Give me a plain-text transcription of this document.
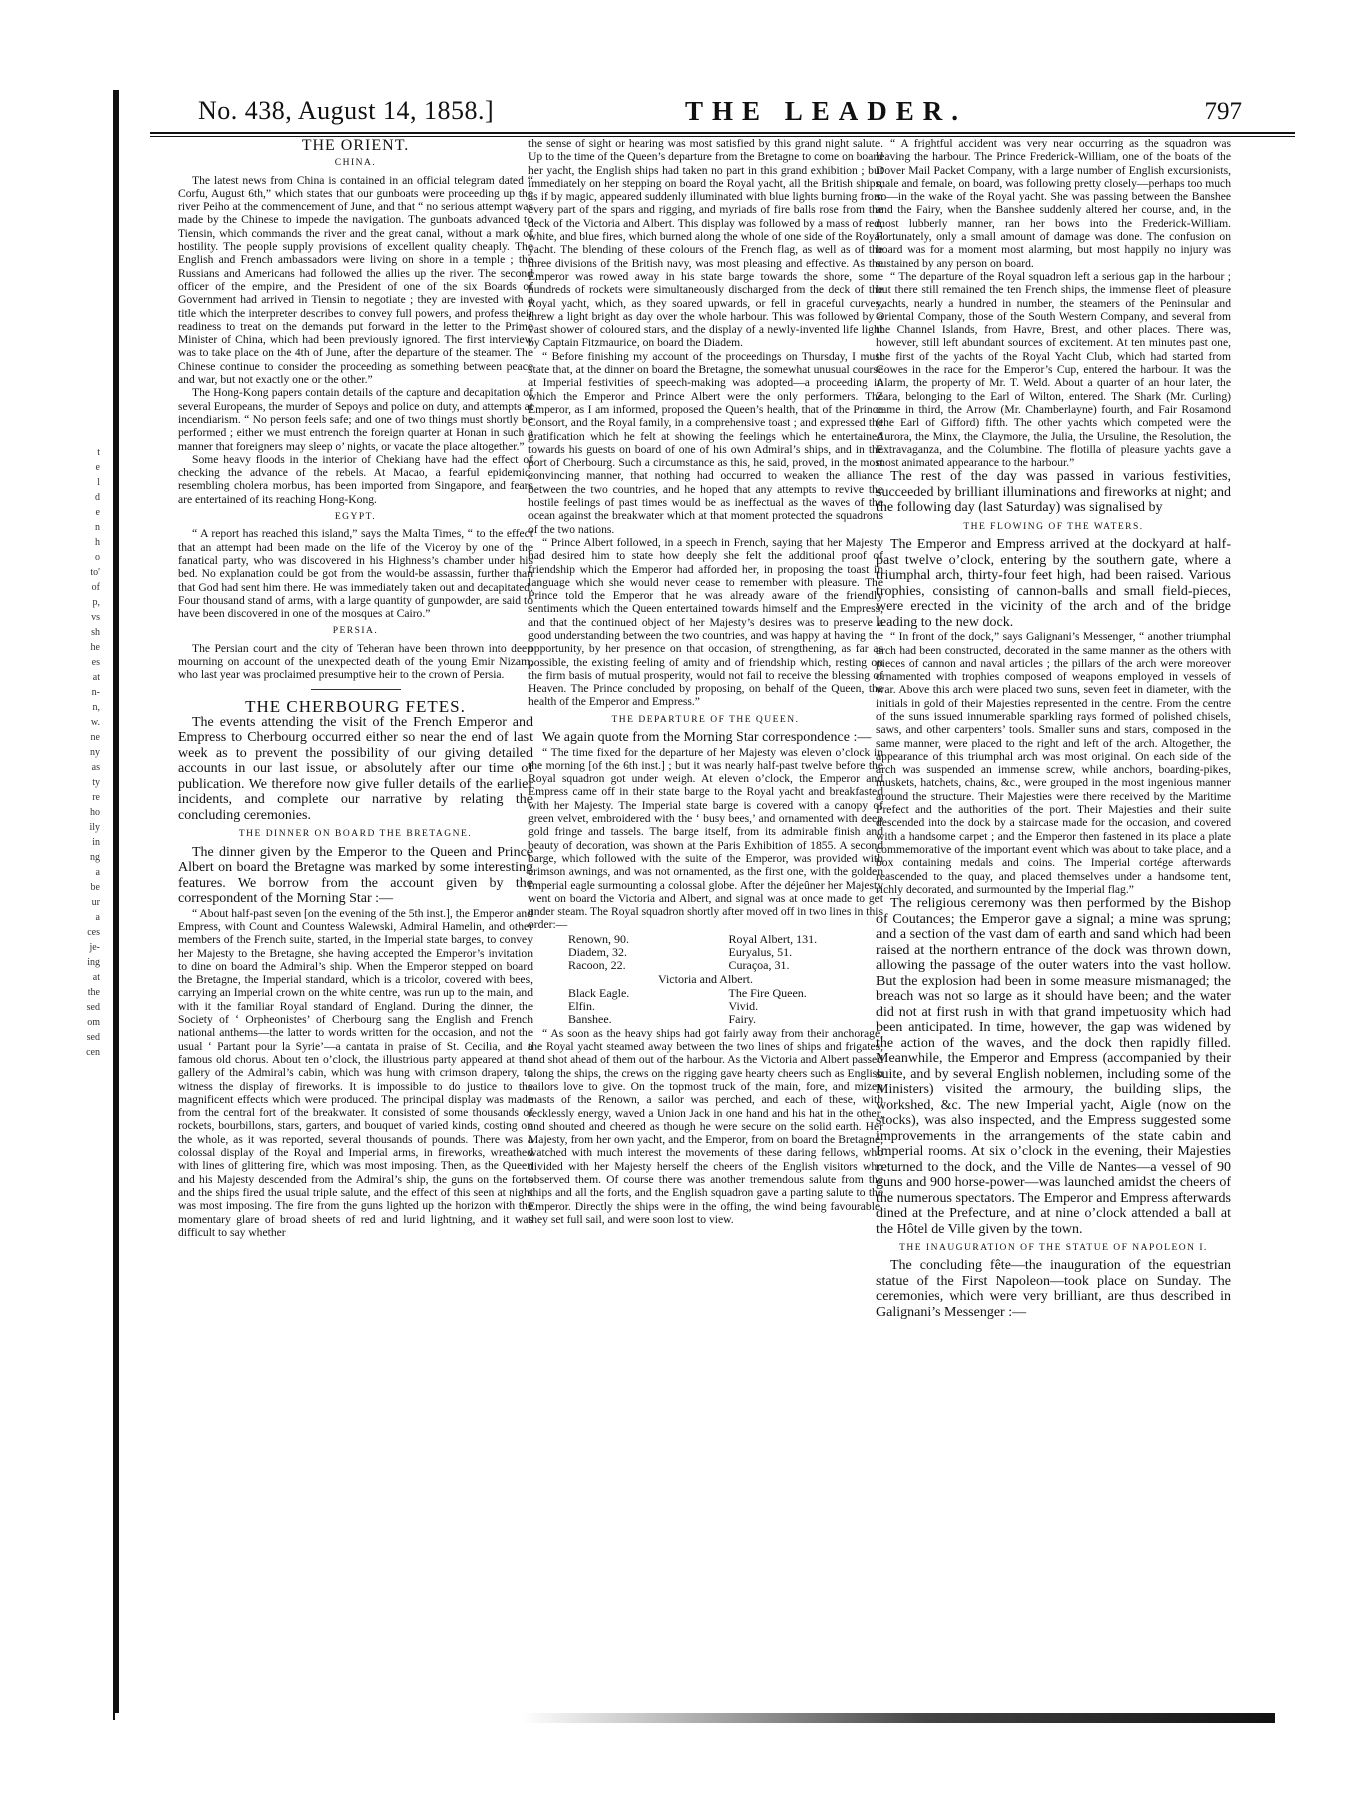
t
e
l
d
e
n
h
o
to'
of
p,
vs
sh
he
es
at
n-
n,
w.
ne
ny
as
ty
re
ho
ily
in
ng
a
be
ur
a
ces
je-
ing
at
the
sed
om
sed
cen
No. 438, August 14, 1858.]	THE LEADER.	797
THE ORIENT.
CHINA.

The latest news from China is contained in an official telegram dated “ Corfu, August 6th,” which states that our gunboats were proceeding up the river Peiho at the commencement of June, and that “ no serious attempt was made by the Chinese to impede the navigation. The gunboats advanced to Tiensin, which commands the river and the great canal, without a mark of hostility. The people supply provisions of excellent quality cheaply. The English and French ambassadors were living on shore in a temple ; the Russians and Americans had followed the allies up the river. The second officer of the empire, and the President of one of the six Boards of Government had arrived in Tiensin to negotiate ; they are invested with a title which the interpreter describes to convey full powers, and profess their readiness to treat on the demands put forward in the letter to the Prime Minister of China, which had been previously ignored. The first interview was to take place on the 4th of June, after the departure of the steamer. The Chinese continue to consider the proceeding as something between peace and war, but not exactly one or the other.”

The Hong-Kong papers contain details of the capture and decapitation of several Europeans, the murder of Sepoys and police on duty, and attempts at incendiarism. “ No person feels safe; and one of two things must shortly be performed ; either we must entrench the foreign quarter at Honan in such a manner that foreigners may sleep o’ nights, or vacate the place altogether.”

Some heavy floods in the interior of Chekiang have had the effect of checking the advance of the rebels. At Macao, a fearful epidemic, resembling cholera morbus, has been imported from Singapore, and fears are entertained of its reaching Hong-Kong.

EGYPT.

“ A report has reached this island,” says the Malta Times, “ to the effect that an attempt had been made on the life of the Viceroy by one of the fanatical party, who was discovered in his Highness’s chamber under his bed. No explanation could be got from the would-be assassin, further than that God had sent him there. He was immediately taken out and decapitated. Four thousand stand of arms, with a large quantity of gunpowder, are said to have been discovered in one of the mosques at Cairo.”

PERSIA.

The Persian court and the city of Teheran have been thrown into deep mourning on account of the unexpected death of the young Emir Nizam, who last year was proclaimed presumptive heir to the crown of Persia.

THE CHERBOURG FETES.

The events attending the visit of the French Emperor and Empress to Cherbourg occurred either so near the end of last week as to prevent the possibility of our giving detailed accounts in our last issue, or absolutely after our time of publication. We therefore now give fuller details of the earlier incidents, and complete our narrative by relating the concluding ceremonies.

THE DINNER ON BOARD THE BRETAGNE.

The dinner given by the Emperor to the Queen and Prince Albert on board the Bretagne was marked by some interesting features. We borrow from the account given by the correspondent of the Morning Star :—

“ About half-past seven [on the evening of the 5th inst.], the Emperor and Empress, with Count and Countess Walewski, Admiral Hamelin, and other members of the French suite, started, in the Imperial state barges, to convey her Majesty to the Bretagne, she having accepted the Emperor’s invitation to dine on board the Admiral’s ship. When the Emperor stepped on board the Bretagne, the Imperial standard, which is a tricolor, covered with bees, carrying an Imperial crown on the white centre, was run up to the main, and with it the familiar Royal standard of England. During the dinner, the Society of ‘ Orpheonistes’ of Cherbourg sang the English and French national anthems—the latter to words written for the occasion, and not the usual ‘ Partant pour la Syrie’—a cantata in praise of St. Cecilia, and a famous old chorus. About ten o’clock, the illustrious party appeared at the gallery of the Admiral’s cabin, which was hung with crimson drapery, to witness the display of fireworks. It is impossible to do justice to the magnificent effects which were produced. The principal display was made from the central fort of the breakwater. It consisted of some thousands of rockets, bourbillons, stars, garters, and bouquet of varied kinds, costing on the whole, as it was reported, several thousands of pounds. There was a colossal display of the Royal and Imperial arms, in fireworks, wreathed with lines of glittering fire, which was most imposing. Then, as the Queen and his Majesty descended from the Admiral’s ship, the guns on the forts and the ships fired the usual triple salute, and the effect of this seen at night was most imposing. The fire from the guns lighted up the horizon with the momentary glare of broad sheets of red and lurid lightning, and it was difficult to say whether

the sense of sight or hearing was most satisfied by this grand night salute. Up to the time of the Queen’s departure from the Bretagne to come on board her yacht, the English ships had taken no part in this grand exhibition ; but immediately on her stepping on board the Royal yacht, all the British ships, as if by magic, appeared suddenly illuminated with blue lights burning from every part of the spars and rigging, and myriads of fire balls rose from the deck of the Victoria and Albert. This display was followed by a mass of red, white, and blue fires, which burned along the whole of one side of the Royal yacht. The blending of these colours of the French flag, as well as of the three divisions of the British navy, was most pleasing and effective. As the Emperor was rowed away in his state barge towards the shore, some hundreds of rockets were simultaneously discharged from the deck of the Royal yacht, which, as they soared upwards, or fell in graceful curves, threw a light bright as day over the whole harbour. This was followed by a vast shower of coloured stars, and the display of a newly-invented life light by Captain Fitzmaurice, on board the Diadem.

“ Before finishing my account of the proceedings on Thursday, I must state that, at the dinner on board the Bretagne, the somewhat unusual course at Imperial festivities of speech-making was adopted—a proceeding in which the Emperor and Prince Albert were the only performers. The Emperor, as I am informed, proposed the Queen’s health, that of the Prince Consort, and the Royal family, in a comprehensive toast ; and expressed the gratification which he felt at showing the feelings which he entertained towards his guests on board of one of his own Admiral’s ships, and in the port of Cherbourg. Such a circumstance as this, he said, proved, in the most convincing manner, that nothing had occurred to weaken the alliance between the two countries, and he hoped that any attempts to revive the hostile feelings of past times would be as ineffectual as the waves of the ocean against the breakwater which at that moment protected the squadrons of the two nations.

“ Prince Albert followed, in a speech in French, saying that her Majesty had desired him to state how deeply she felt the additional proof of friendship which the Emperor had afforded her, in proposing the toast in language which she would never cease to remember with pleasure. The Prince told the Emperor that he was already aware of the friendly sentiments which the Queen entertained towards himself and the Empress, and that the continued object of her Majesty’s desires was to preserve a good understanding between the two countries, and was happy at having the opportunity, by her presence on that occasion, of strengthening, as far as possible, the existing feeling of amity and of friendship which, resting on the firm basis of mutual prosperity, would not fail to receive the blessing of Heaven. The Prince concluded by proposing, on behalf of the Queen, the health of the Emperor and Empress.”

THE DEPARTURE OF THE QUEEN.

We again quote from the Morning Star correspondence :—

“ The time fixed for the departure of her Majesty was eleven o’clock in the morning [of the 6th inst.] ; but it was nearly half-past twelve before the Royal squadron got under weigh. At eleven o’clock, the Emperor and Empress came off in their state barge to the Royal yacht and breakfasted with her Majesty. The Imperial state barge is covered with a canopy of green velvet, embroidered with the ‘ busy bees,’ and ornamented with deep gold fringe and tassels. The barge itself, from its admirable finish and beauty of decoration, was shown at the Paris Exhibition of 1855. A second barge, which followed with the suite of the Emperor, was provided with crimson awnings, and was not ornamented, as the first one, with the golden Imperial eagle surmounting a colossal globe. After the déjeûner her Majesty went on board the Victoria and Albert, and signal was at once made to get under steam. The Royal squadron shortly after moved off in two lines in this order:—

Renown, 90.	Royal Albert, 131.
Diadem, 32.	Euryalus, 51.
Racoon, 22.	Curaçoa, 31.
Victoria and Albert.
Black Eagle.	The Fire Queen.
Elfin.	Vivid.
Banshee.	Fairy.

“ As soon as the heavy ships had got fairly away from their anchorage, the Royal yacht steamed away between the two lines of ships and frigates, and shot ahead of them out of the harbour. As the Victoria and Albert passed along the ships, the crews on the rigging gave hearty cheers such as English sailors love to give. On the topmost truck of the main, fore, and mizen masts of the Renown, a sailor was perched, and each of these, with recklessly energy, waved a Union Jack in one hand and his hat in the other, and shouted and cheered as though he were secure on the solid earth. Her Majesty, from her own yacht, and the Emperor, from on board the Bretagne, watched with much interest the movements of these daring fellows, who divided with her Majesty herself the cheers of the English visitors who observed them. Of course there was another tremendous salute from the ships and all the forts, and the English squadron gave a parting salute to the Emperor. Directly the ships were in the offing, the wind being favourable, they set full sail, and were soon lost to view.

“ A frightful accident was very near occurring as the squadron was leaving the harbour. The Prince Frederick-William, one of the boats of the Dover Mail Packet Company, with a large number of English excursionists, male and female, on board, was following pretty closely—perhaps too much so—in the wake of the Royal yacht. She was passing between the Banshee and the Fairy, when the Banshee suddenly altered her course, and, in the most lubberly manner, ran her bows into the Frederick-William. Fortunately, only a small amount of damage was done. The confusion on board was for a moment most alarming, but most happily no injury was sustained by any person on board.

“ The departure of the Royal squadron left a serious gap in the harbour ; but there still remained the ten French ships, the immense fleet of pleasure yachts, nearly a hundred in number, the steamers of the Peninsular and Oriental Company, those of the South Western Company, and several from the Channel Islands, from Havre, Brest, and other places. There was, however, still left abundant sources of excitement. At ten minutes past one, the first of the yachts of the Royal Yacht Club, which had started from Cowes in the race for the Emperor’s Cup, entered the harbour. It was the Alarm, the property of Mr. T. Weld. About a quarter of an hour later, the Zara, belonging to the Earl of Wilton, entered. The Shark (Mr. Curling) came in third, the Arrow (Mr. Chamberlayne) fourth, and Fair Rosamond (the Earl of Gifford) fifth. The other yachts which competed were the Aurora, the Minx, the Claymore, the Julia, the Ursuline, the Resolution, the Extravaganza, and the Columbine. The flotilla of pleasure yachts gave a most animated appearance to the harbour.”

The rest of the day was passed in various festivities, succeeded by brilliant illuminations and fireworks at night; and the following day (last Saturday) was signalised by

THE FLOWING OF THE WATERS.

The Emperor and Empress arrived at the dockyard at half-past twelve o’clock, entering by the southern gate, where a triumphal arch, thirty-four feet high, had been raised. Various trophies, consisting of cannon-balls and small field-pieces, were erected in the vicinity of the arch and of the bridge leading to the new dock.

“ In front of the dock,” says Galignani’s Messenger, “ another triumphal arch had been constructed, decorated in the same manner as the others with pieces of cannon and naval articles ; the pillars of the arch were moreover ornamented with trophies composed of weapons employed in vessels of war. Above this arch were placed two suns, seven feet in diameter, with the initials in gold of their Majesties represented in the centre. From the centre of the suns issued innumerable sparkling rays formed of polished chisels, saws, and other carpenters’ tools. Smaller suns and stars, composed in the same manner, were placed to the right and left of the arch. Altogether, the appearance of this triumphal arch was most original. On each side of the arch was suspended an immense screw, while anchors, boarding-pikes, muskets, hatchets, chains, &c., were grouped in the most ingenious manner around the structure. Their Majesties were there received by the Maritime Prefect and the authorities of the port. Their Majesties and their suite descended into the dock by a staircase made for the occasion, and covered with a handsome carpet ; and the Emperor then fastened in its place a plate commemorative of the important event which was about to take place, and a box containing medals and coins. The Imperial cortége afterwards reascended to the quay, and placed themselves under a handsome tent, richly decorated, and surmounted by the Imperial flag.”

The religious ceremony was then performed by the Bishop of Coutances; the Emperor gave a signal; a mine was sprung; and a section of the vast dam of earth and sand which had been raised at the northern entrance of the dock was thrown down, allowing the passage of the outer waters into the vast hollow. But the explosion had been in some measure mismanaged; the breach was not so large as it should have been; and the water did not at first rush in with that grand impetuosity which had been anticipated. In time, however, the gap was widened by the action of the waves, and the dock then rapidly filled. Meanwhile, the Emperor and Empress (accompanied by their suite, and by several English noblemen, including some of the Ministers) visited the armoury, the building slips, the workshed, &c. The new Imperial yacht, Aigle (now on the stocks), was also inspected, and the Empress suggested some improvements in the arrangements of the state cabin and Imperial rooms. At six o’clock in the evening, their Majesties returned to the dock, and the Ville de Nantes—a vessel of 90 guns and 900 horse-power—was launched amidst the cheers of the numerous spectators. The Emperor and Empress afterwards dined at the Prefecture, and at nine o’clock attended a ball at the Hôtel de Ville given by the town.

THE INAUGURATION OF THE STATUE OF NAPOLEON I.

The concluding fête—the inauguration of the equestrian statue of the First Napoleon—took place on Sunday. The ceremonies, which were very brilliant, are thus described in Galignani’s Messenger :—
